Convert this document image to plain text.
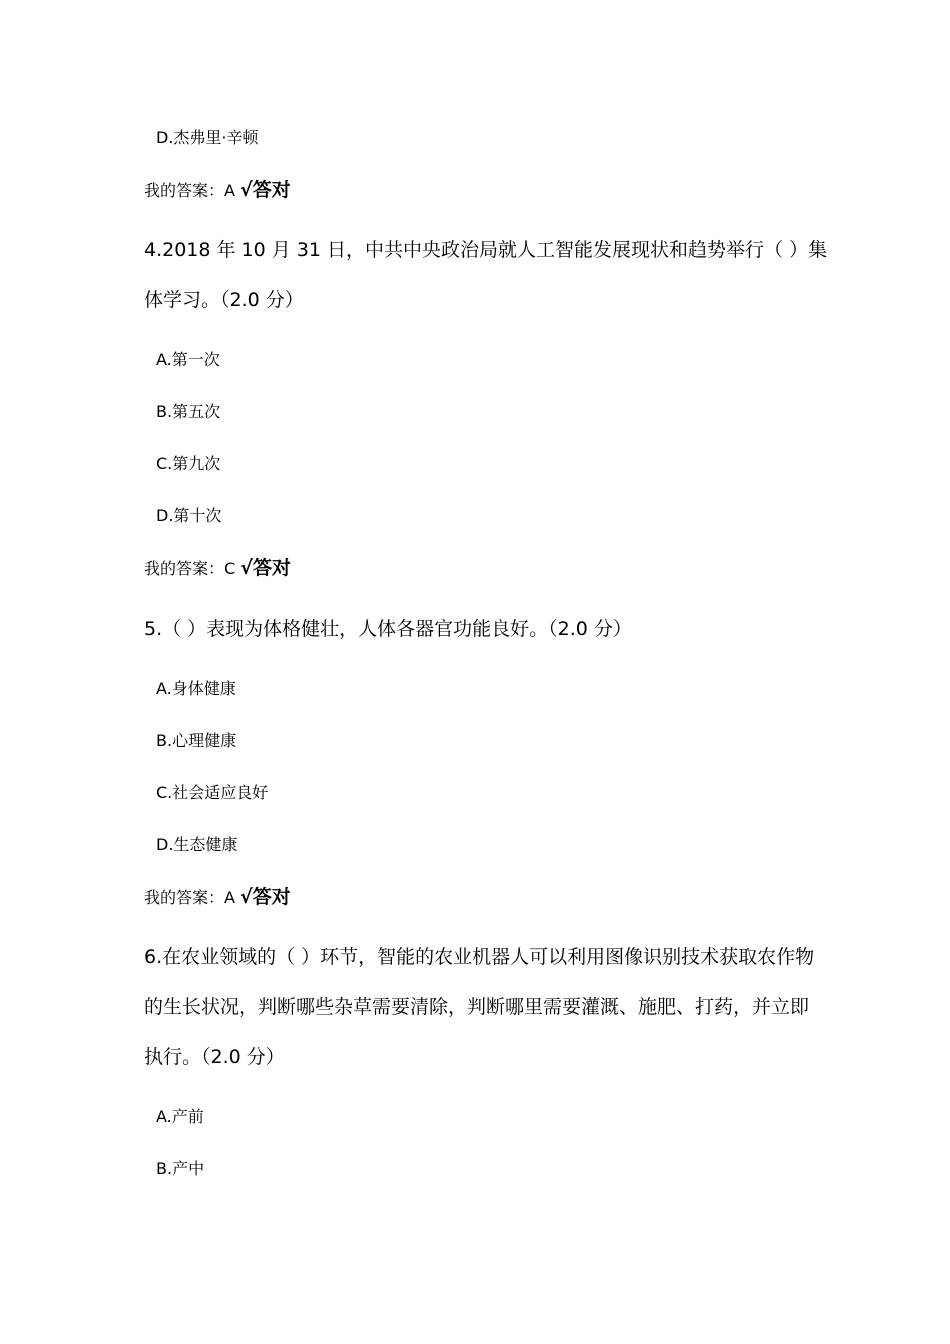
D.杰弗里·辛顿
我的答案：A √答对
4.2018 年 10 月 31 日，中共中央政治局就人工智能发展现状和趋势举行（ ）集
体学习。（2.0 分）
A.第一次
B.第五次
C.第九次
D.第十次
我的答案：C √答对
5.（ ）表现为体格健壮，人体各器官功能良好。（2.0 分）
A.身体健康
B.心理健康
C.社会适应良好
D.生态健康
我的答案：A √答对
6.在农业领域的（ ）环节，智能的农业机器人可以利用图像识别技术获取农作物
的生长状况，判断哪些杂草需要清除，判断哪里需要灌溉、施肥、打药，并立即
执行。（2.0 分）
A.产前
B.产中
